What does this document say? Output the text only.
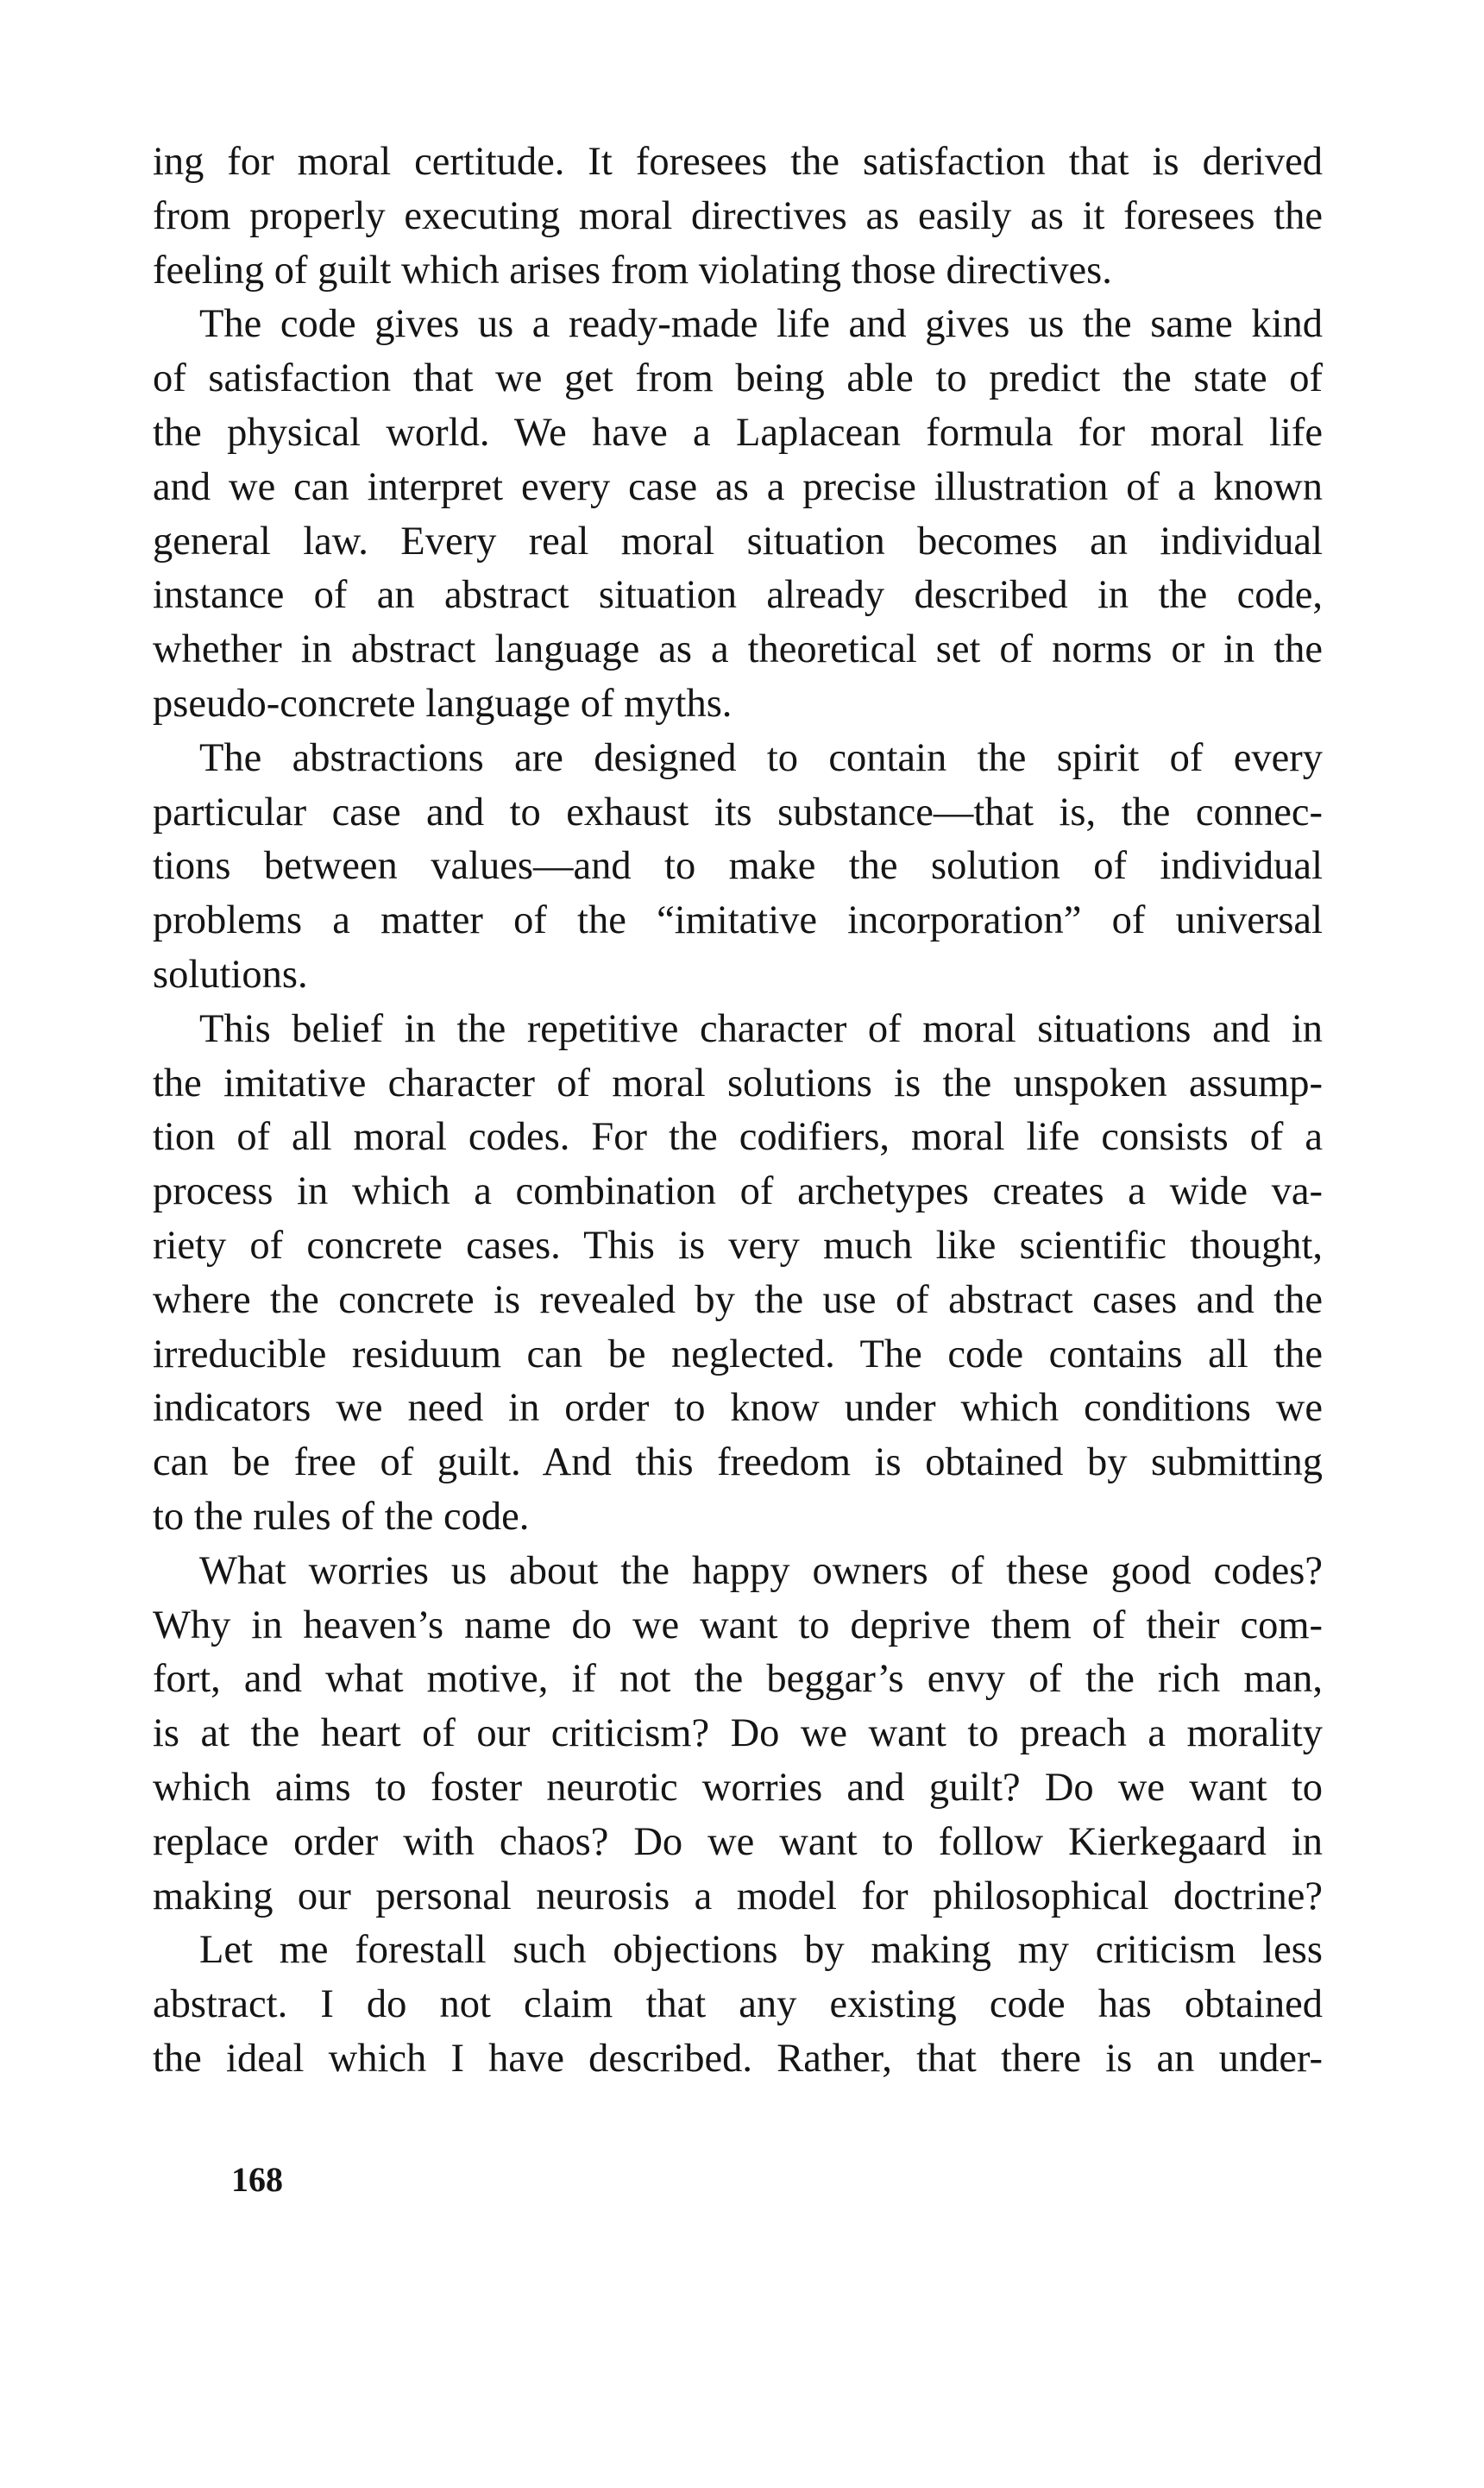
ing for moral certitude. It foresees the satisfaction that is derived
from properly executing moral directives as easily as it foresees the
feeling of guilt which arises from violating those directives.
The code gives us a ready-made life and gives us the same kind
of satisfaction that we get from being able to predict the state of
the physical world. We have a Laplacean formula for moral life
and we can interpret every case as a precise illustration of a known
general law. Every real moral situation becomes an individual
instance of an abstract situation already described in the code,
whether in abstract language as a theoretical set of norms or in the
pseudo-concrete language of myths.
The abstractions are designed to contain the spirit of every
particular case and to exhaust its substance—that is, the connec-
tions between values—and to make the solution of individual
problems a matter of the “imitative incorporation” of universal
solutions.
This belief in the repetitive character of moral situations and in
the imitative character of moral solutions is the unspoken assump-
tion of all moral codes. For the codifiers, moral life consists of a
process in which a combination of archetypes creates a wide va-
riety of concrete cases. This is very much like scientific thought,
where the concrete is revealed by the use of abstract cases and the
irreducible residuum can be neglected. The code contains all the
indicators we need in order to know under which conditions we
can be free of guilt. And this freedom is obtained by submitting
to the rules of the code.
What worries us about the happy owners of these good codes?
Why in heaven’s name do we want to deprive them of their com-
fort, and what motive, if not the beggar’s envy of the rich man,
is at the heart of our criticism? Do we want to preach a morality
which aims to foster neurotic worries and guilt? Do we want to
replace order with chaos? Do we want to follow Kierkegaard in
making our personal neurosis a model for philosophical doctrine?
Let me forestall such objections by making my criticism less
abstract. I do not claim that any existing code has obtained
the ideal which I have described. Rather, that there is an under-
168
